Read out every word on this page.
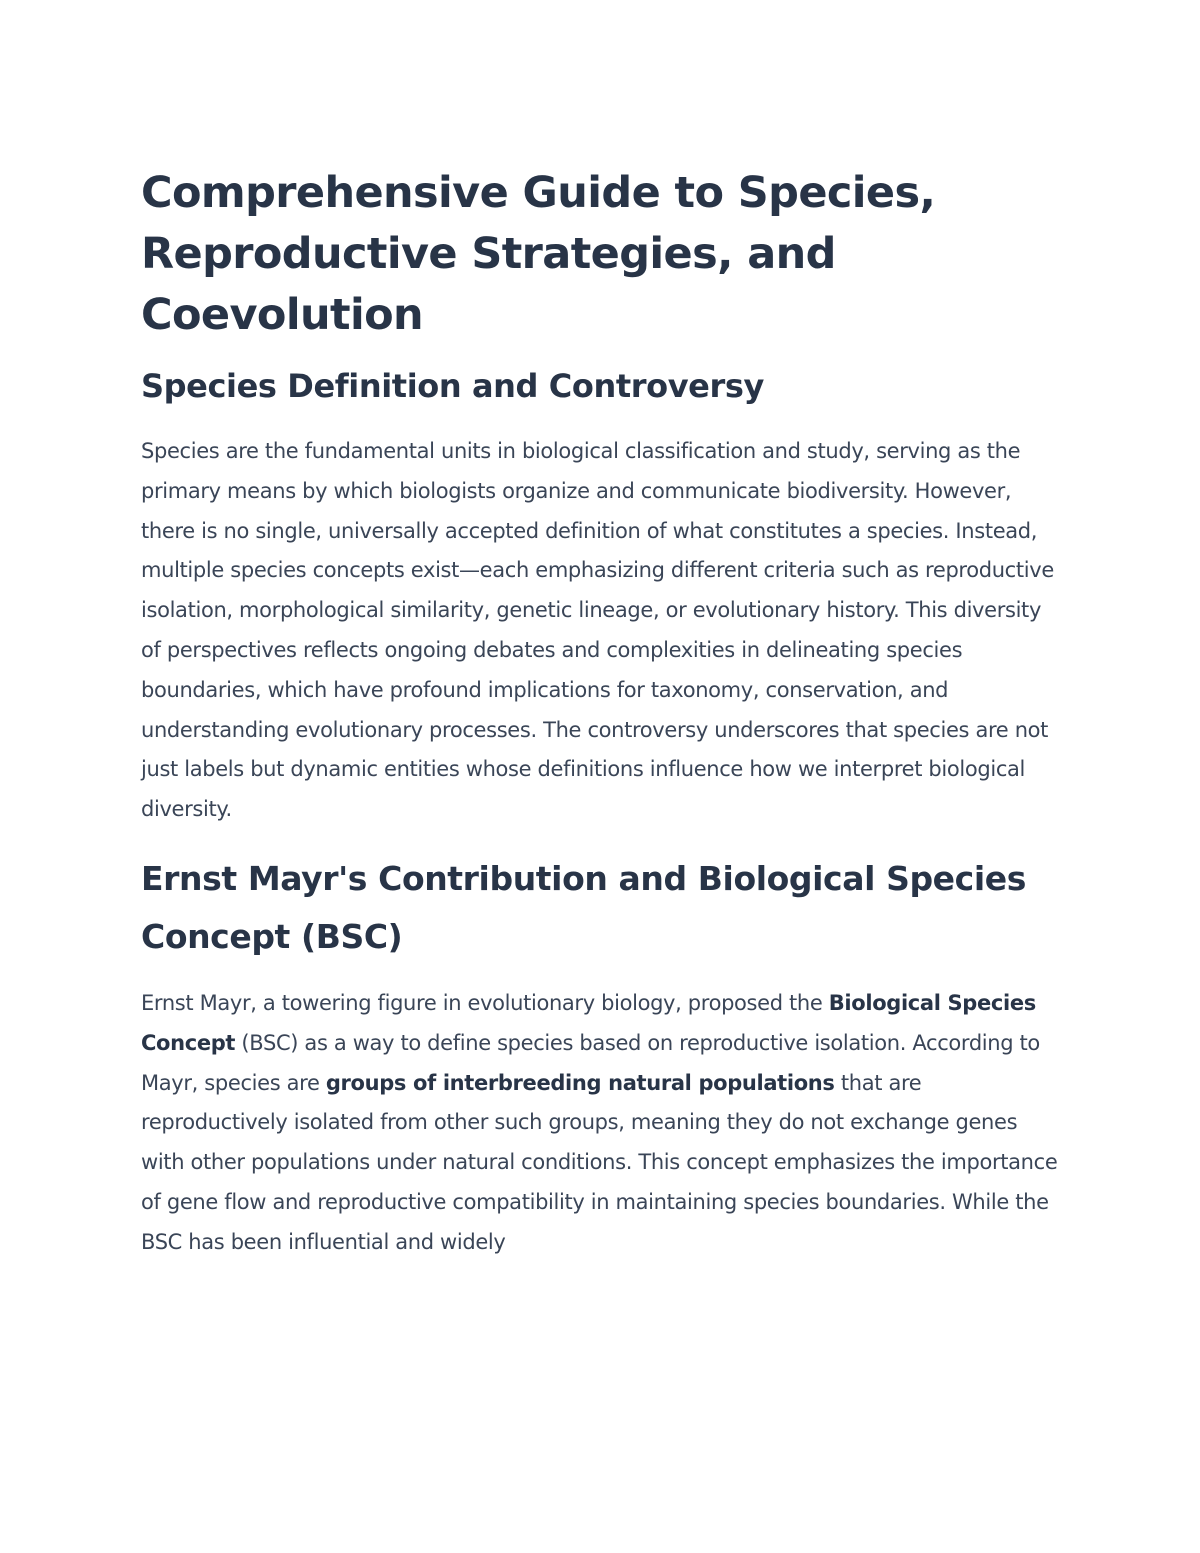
Comprehensive Guide to Species, Reproductive Strategies, and Coevolution
Species Definition and Controversy

Species are the fundamental units in biological classification and study, serving as the primary means by which biologists organize and communicate biodiversity. However, there is no single, universally accepted definition of what constitutes a species. Instead, multiple species concepts exist—each emphasizing different criteria such as reproductive isolation, morphological similarity, genetic lineage, or evolutionary history. This diversity of perspectives reflects ongoing debates and complexities in delineating species boundaries, which have profound implications for taxonomy, conservation, and understanding evolutionary processes. The controversy underscores that species are not just labels but dynamic entities whose definitions influence how we interpret biological diversity.

Ernst Mayr's Contribution and Biological Species Concept (BSC)

Ernst Mayr, a towering figure in evolutionary biology, proposed the Biological Species Concept (BSC) as a way to define species based on reproductive isolation. According to Mayr, species are groups of interbreeding natural populations that are reproductively isolated from other such groups, meaning they do not exchange genes with other populations under natural conditions. This concept emphasizes the importance of gene flow and reproductive compatibility in maintaining species boundaries. While the BSC has been influential and widely
